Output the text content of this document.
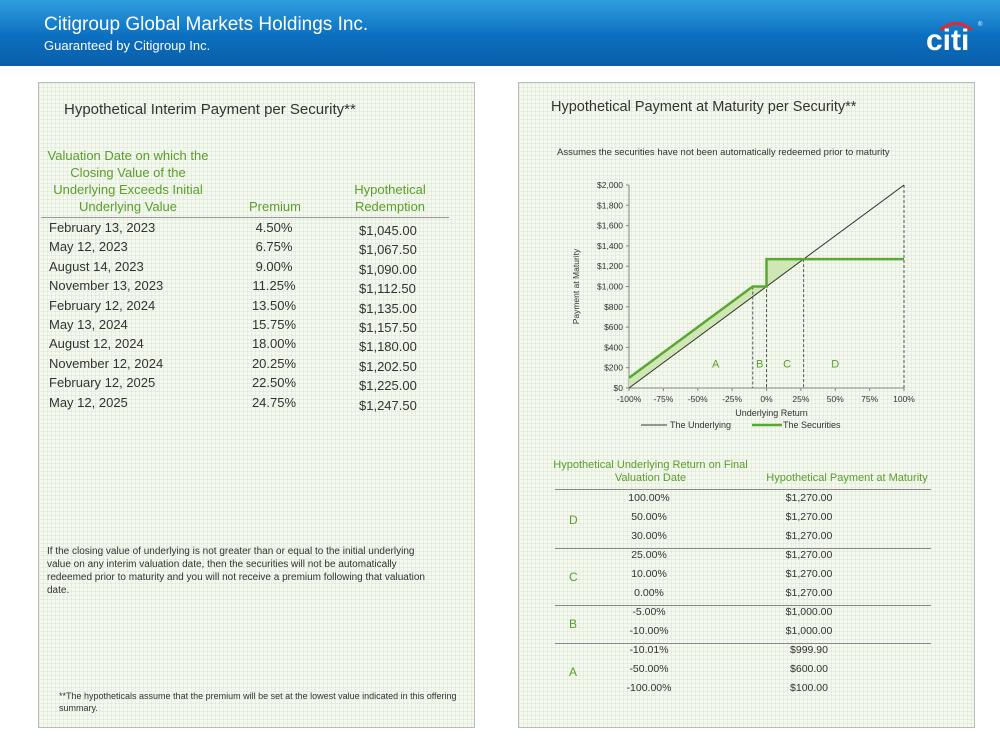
Citigroup Global Markets Holdings Inc.
Guaranteed by Citigroup Inc.	citi ®
Hypothetical Interim Payment per Security**
Valuation Date on which the Closing Value of the Underlying Exceeds Initial Underlying Value	Premium
Hypothetical Redemption
February 13, 2023	4.50%	$1,045.00
May 12, 2023	6.75%	$1,067.50
August 14, 2023	9.00%	$1,090.00
November 13, 2023	11.25%	$1,112.50
February 12, 2024	13.50%	$1,135.00
May 13, 2024	15.75%	$1,157.50
August 12, 2024	18.00%	$1,180.00
November 12, 2024	20.25%	$1,202.50
February 12, 2025	22.50%	$1,225.00
May 12, 2025	24.75%	$1,247.50
If the closing value of underlying is not greater than or equal to the initial underlying value on any interim valuation date, then the securities will not be automatically redeemed prior to maturity and you will not receive a premium following that valuation date.
**The hypotheticals assume that the premium will be set at the lowest value indicated in this offering summary.
Hypothetical Payment at Maturity per Security**
Assumes the securities have not been automatically redeemed prior to maturity
$0
$200
$400
$600
$800
$1,000
$1,200
$1,400
$1,600
$1,800
$2,000
-100% -75% -50% -25% 0% 25% 50% 75% 100%
A	B C	D
Payment at Maturity
Underlying Return
The Underlying	The Securities
Hypothetical Underlying Return on Final Valuation Date	Hypothetical Payment at Maturity
100.00%	$1,270.00
50.00%	$1,270.00
30.00%	$1,270.00
D
25.00%	$1,270.00
10.00%	$1,270.00
0.00%	$1,270.00
C
-5.00%	$1,000.00
-10.00%	$1,000.00
B
-10.01%	$999.90
-50.00%	$600.00
-100.00%	$100.00
A
